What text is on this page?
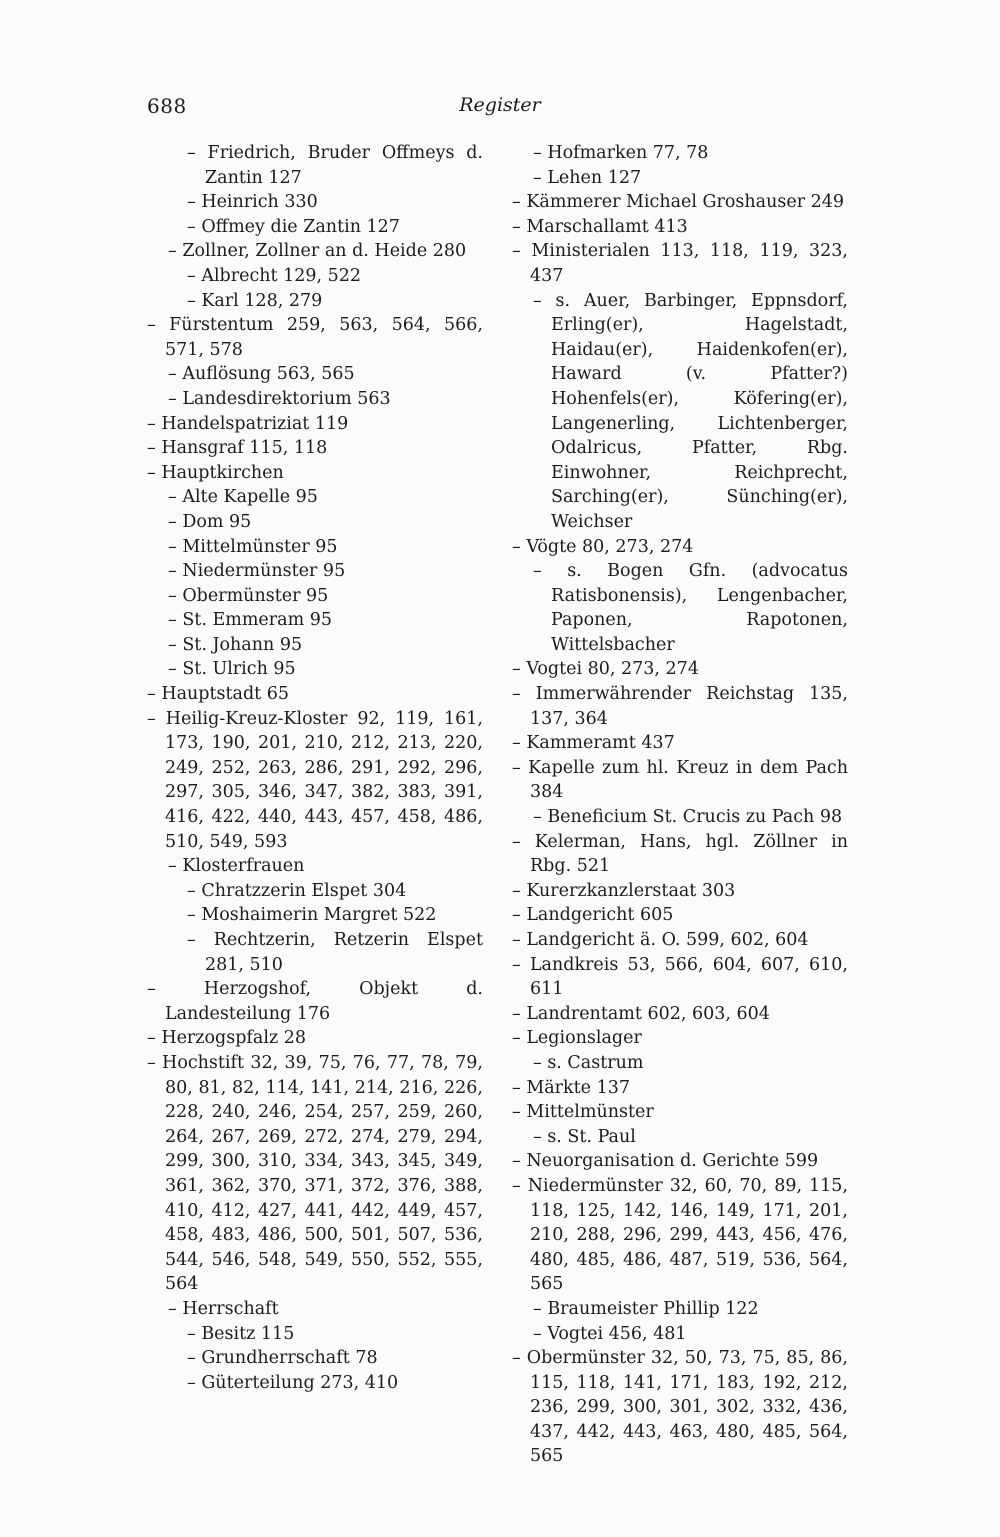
688	Register
– Friedrich, Bruder Offmeys d. Zantin 127
– Heinrich 330
– Offmey die Zantin 127
– Zollner, Zollner an d. Heide 280
– Albrecht 129, 522
– Karl 128, 279
– Fürstentum 259, 563, 564, 566, 571, 578
– Auflösung 563, 565
– Landesdirektorium 563
– Handelspatriziat 119
– Hansgraf 115, 118
– Hauptkirchen
– Alte Kapelle 95
– Dom 95
– Mittelmünster 95
– Niedermünster 95
– Obermünster 95
– St. Emmeram 95
– St. Johann 95
– St. Ulrich 95
– Hauptstadt 65
– Heilig-Kreuz-Kloster 92, 119, 161, 173, 190, 201, 210, 212, 213, 220, 249, 252, 263, 286, 291, 292, 296, 297, 305, 346, 347, 382, 383, 391, 416, 422, 440, 443, 457, 458, 486, 510, 549, 593
– Klosterfrauen
– Chratzzerin Elspet 304
– Moshaimerin Margret 522
– Rechtzerin, Retzerin Elspet 281, 510
– Herzogshof, Objekt d. Landesteilung 176
– Herzogspfalz 28
– Hochstift 32, 39, 75, 76, 77, 78, 79, 80, 81, 82, 114, 141, 214, 216, 226, 228, 240, 246, 254, 257, 259, 260, 264, 267, 269, 272, 274, 279, 294, 299, 300, 310, 334, 343, 345, 349, 361, 362, 370, 371, 372, 376, 388, 410, 412, 427, 441, 442, 449, 457, 458, 483, 486, 500, 501, 507, 536, 544, 546, 548, 549, 550, 552, 555, 564
– Herrschaft
– Besitz 115
– Grundherrschaft 78
– Güterteilung 273, 410
– Hofmarken 77, 78
– Lehen 127
– Kämmerer Michael Groshauser 249
– Marschallamt 413
– Ministerialen 113, 118, 119, 323, 437
– s. Auer, Barbinger, Eppnsdorf, Erling(er), Hagelstadt, Haidau(er), Haidenkofen(er), Haward (v. Pfatter?) Hohenfels(er), Köfering(er), Langenerling, Lichtenberger, Odalricus, Pfatter, Rbg. Einwohner, Reichprecht, Sarching(er), Sünching(er), Weichser
– Vögte 80, 273, 274
– s. Bogen Gfn. (advocatus Ratisbonensis), Lengenbacher, Paponen, Rapotonen, Wittelsbacher
– Vogtei 80, 273, 274
– Immerwährender Reichstag 135, 137, 364
– Kammeramt 437
– Kapelle zum hl. Kreuz in dem Pach 384
– Beneficium St. Crucis zu Pach 98
– Kelerman, Hans, hgl. Zöllner in Rbg. 521
– Kurerzkanzlerstaat 303
– Landgericht 605
– Landgericht ä. O. 599, 602, 604
– Landkreis 53, 566, 604, 607, 610, 611
– Landrentamt 602, 603, 604
– Legionslager
– s. Castrum
– Märkte 137
– Mittelmünster
– s. St. Paul
– Neuorganisation d. Gerichte 599
– Niedermünster 32, 60, 70, 89, 115, 118, 125, 142, 146, 149, 171, 201, 210, 288, 296, 299, 443, 456, 476, 480, 485, 486, 487, 519, 536, 564, 565
– Braumeister Phillip 122
– Vogtei 456, 481
– Obermünster 32, 50, 73, 75, 85, 86, 115, 118, 141, 171, 183, 192, 212, 236, 299, 300, 301, 302, 332, 436, 437, 442, 443, 463, 480, 485, 564, 565
